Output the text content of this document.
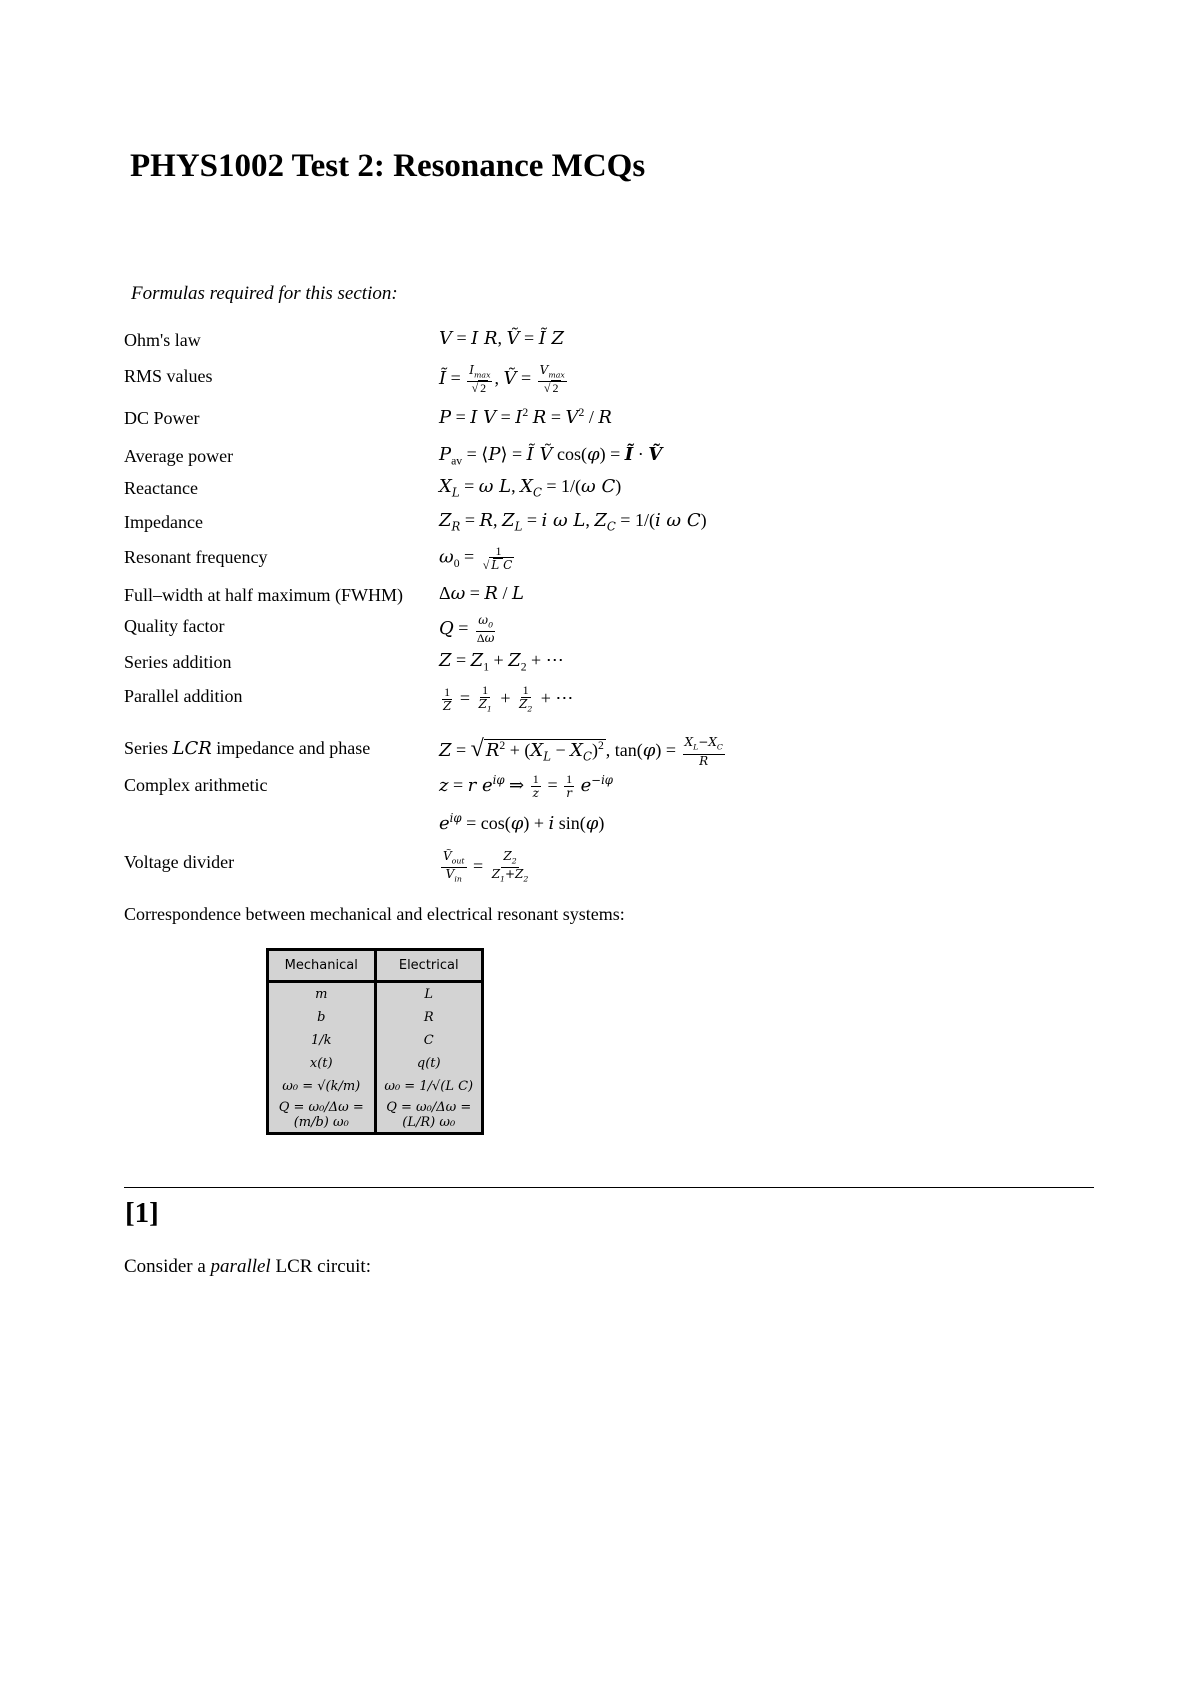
PHYS1002 Test 2: Resonance MCQs
Formulas required for this section:
Ohm's law	V = I R, Ṽ = Ĩ Z
RMS values	Ĩ = $\frac{I_{max}}{√ 2}$ , Ṽ = $\frac{V_{max}}{√ 2}$
DC Power	P = I $V = I^2$ $R = V^2 / R$
Average power	$P_{av}$ = ⟨P⟩ = Ĩ Ṽ cos(φ) = Ĩ · Ṽ
Reactance	$X_L = \omega$ L, $X_C = 1/(\omega$ C)
Impedance	$Z_R = R$, $Z_L = i$ ω L, $Z_C = 1/(i$ ω C)
Resonant frequency	$\omega_0 = \frac{1}{\text{√ L C}}$
Full–width at half maximum (FWHM) Δω = R / L
Quality factor	$Q = \frac{\omega_0}{\Delta\omega}$
Series addition	$Z = Z_1 + Z_2$ + ⋯
Parallel addition	$\frac{1}{Z} = \frac{1}{Z_1} + \frac{1}{Z_2}$ + ⋯
Series LCR impedance and phase	Z = √ $R^2 + (X_L - X_C)^2$ , $\tan(\varphi) = \frac{X_L-X_C}{R}$
Complex arithmetic	z = r $e^{i\varphi}$ ⇒ $\frac{1}{z} = \frac{1}{r} e^{-i\varphi}$
$e^{i\varphi} = \cos(\varphi) + i$ sin(φ)
Voltage divider	$\frac{Ṽ_{out}}{Ṽ_{in}} = \frac{Z_2}{Z_1+Z_2}$
Correspondence between mechanical and electrical resonant systems:
Mechanical	Electrical
m	L
b	R
1/k	C
x(t)	q(t)
ω₀ = √(k/m)	ω₀ = 1/√(L C)
Q = ω₀/Δω = (m/b) ω₀	Q = ω₀/Δω = (L/R) ω₀
[1]
Consider a parallel LCR circuit:
